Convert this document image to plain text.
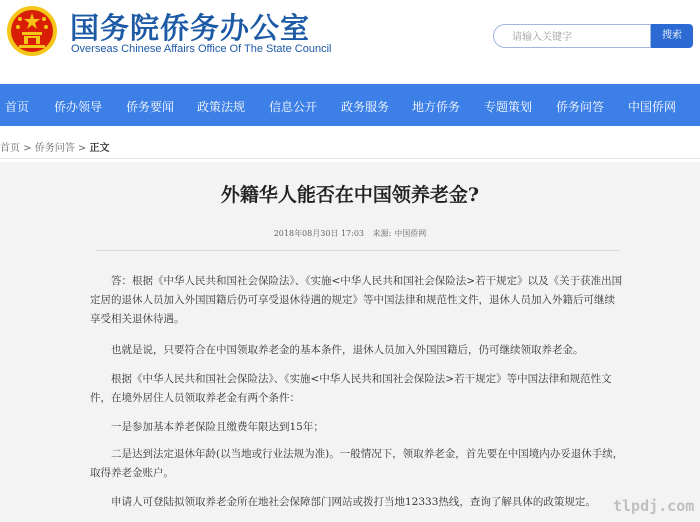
国务院侨务办公室
Overseas Chinese Affairs Office Of The State Council
请输入关键字
搜索
首页 侨办领导 侨务要闻 政策法规 信息公开 政务服务 地方侨务 专题策划 侨务问答 中国侨网
首页 > 侨务问答 > 正文
外籍华人能否在中国领养老金?
2018年08月30日 17:03 来源: 中国侨网

答：根据《中华人民共和国社会保险法》、《实施<中华人民共和国社会保险法>若干规定》以及《关于获准出国定居的退休人员加入外国国籍后仍可享受退休待遇的规定》等中国法律和规范性文件，退休人员加入外籍后可继续享受相关退休待遇。

也就是说，只要符合在中国领取养老金的基本条件，退休人员加入外国国籍后，仍可继续领取养老金。

根据《中华人民共和国社会保险法》、《实施<中华人民共和国社会保险法>若干规定》等中国法律和规范性文件，在境外居住人员领取养老金有两个条件：

一是参加基本养老保险且缴费年限达到15年；

二是达到法定退休年龄(以当地或行业法规为准)。一般情况下，领取养老金，首先要在中国境内办妥退休手续，取得养老金账户。

申请人可登陆拟领取养老金所在地社会保障部门网站或拨打当地12333热线，查询了解具体的政策规定。	tlpdj.com
